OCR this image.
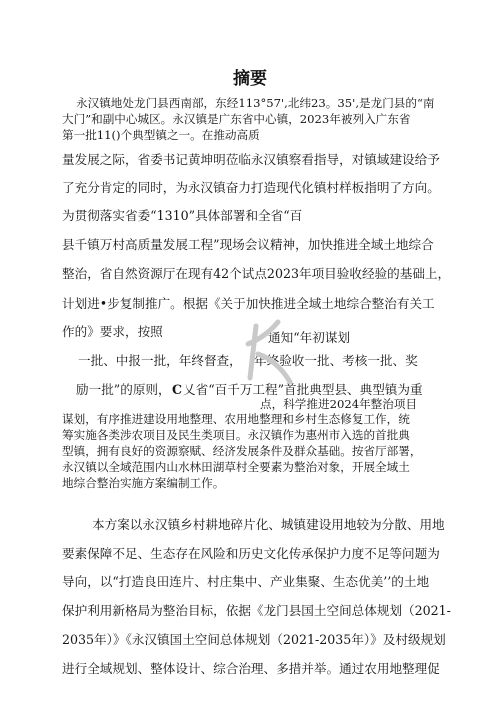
摘要
永汉镇地处龙门县西南部，东经113°57',北纬23。35',是龙门县的“南
大门”和副中心城区。永汉镇是广东省中心镇，2023年被列入广东省
第一批11()个典型镇之一。在推动高质
量发展之际，省委书记黄坤明莅临永汉镇察看指导，对镇域建设给予
了充分肯定的同时，为永汉镇奋力打造现代化镇村样板指明了方向。
为贯彻落实省委“1310”具体部署和全省“百
县千镇万村高质量发展工程”现场会议精神，加快推进全域土地综合
整治，省自然资源厅在现有42个试点2023年项目验收经验的基础上，
计划进•步复制推广。根据《关于加快推进全域土地综合整治有关工
作的》要求，按照	通知“年初谋划
一批、中报一批，年终督查， 年终验收一批、考核一批、奖
励一批”的原则， C 乂省“百千万工程”首批典型县、典型镇为重
点，科学推进2024年整治项目
谋划，有序推进建设用地整理、农用地整理和乡村生态修复工作，统
筹实施各类涉农项目及民生类项目。永汉镇作为惠州市入选的首批典
型镇，拥有良好的资源察赋、经济发展条件及群众基础。按省厅部署，
永汉镇以全域范围内山水林田湖草村全要素为整治对象，开展全域土
地综合整治实施方案编制工作。
本方案以永汉镇乡村耕地碎片化、城镇建设用地较为分散、用地
要素保障不足、生态存在风险和历史文化传承保护力度不足等问题为
导向，以“打造良田连片、村庄集中、产业集聚、生态优美’’的土地
保护利用新格局为整治目标，依据《龙门县国土空间总体规划（2021-
2035年）》《永汉镇国土空间总体规划（2021-2035年）》及村级规划
进行全域规划、整体设计、综合治理、多措并举。通过农用地整理促
